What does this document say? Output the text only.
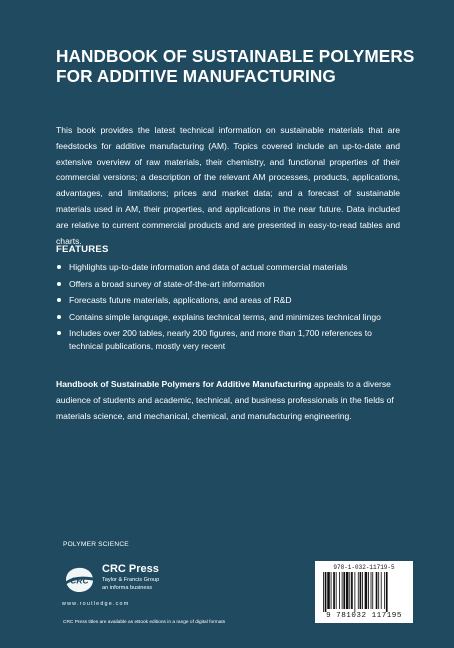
HANDBOOK OF SUSTAINABLE POLYMERS FOR ADDITIVE MANUFACTURING

This book provides the latest technical information on sustainable materials that are feedstocks for additive manufacturing (AM). Topics covered include an up-to-date and extensive overview of raw materials, their chemistry, and functional properties of their commercial versions; a description of the relevant AM processes, products, applications, advantages, and limitations; prices and market data; and a forecast of sustainable materials used in AM, their properties, and applications in the near future. Data included are relative to current commercial products and are presented in easy-to-read tables and charts.

FEATURES
Highlights up-to-date information and data of actual commercial materials
Offers a broad survey of state-of-the-art information
Forecasts future materials, applications, and areas of R&D
Contains simple language, explains technical terms, and minimizes technical lingo
Includes over 200 tables, nearly 200 figures, and more than 1,700 references to technical publications, mostly very recent

Handbook of Sustainable Polymers for Additive Manufacturing appeals to a diverse audience of students and academic, technical, and business professionals in the fields of materials science, and mechanical, chemical, and manufacturing engineering.

POLYMER SCIENCE

CRC

CRC Press

Taylor & Francis Group

an informa business

www.routledge.com

CRC Press titles are available as eBook editions in a range of digital formats

978-1-032-11719-5

9 781032 117195
